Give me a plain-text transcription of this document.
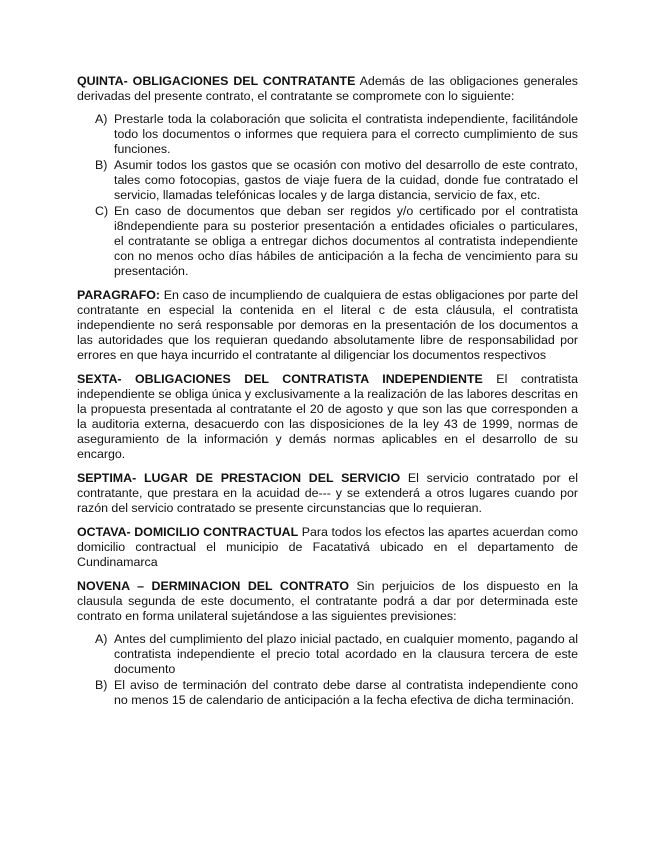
QUINTA- OBLIGACIONES DEL CONTRATANTE Además de las obligaciones generales derivadas del presente contrato, el contratante se compromete con lo siguiente:

A) Prestarle toda la colaboración que solicita el contratista independiente, facilitándole todo los documentos o informes que requiera para el correcto cumplimiento de sus funciones.
B) Asumir todos los gastos que se ocasión con motivo del desarrollo de este contrato, tales como fotocopias, gastos de viaje fuera de la cuidad, donde fue contratado el servicio, llamadas telefónicas locales y de larga distancia, servicio de fax, etc.
C) En caso de documentos que deban ser regidos y/o certificado por el contratista i8ndependiente para su posterior presentación a entidades oficiales o particulares, el contratante se obliga a entregar dichos documentos al contratista independiente con no menos ocho días hábiles de anticipación a la fecha de vencimiento para su presentación.

PARAGRAFO: En caso de incumpliendo de cualquiera de estas obligaciones por parte del contratante en especial la contenida en el literal c de esta cláusula, el contratista independiente no será responsable por demoras en la presentación de los documentos a las autoridades que los requieran quedando absolutamente libre de responsabilidad por errores en que haya incurrido el contratante al diligenciar los documentos respectivos

SEXTA- OBLIGACIONES DEL CONTRATISTA INDEPENDIENTE El contratista independiente se obliga única y exclusivamente a la realización de las labores descritas en la propuesta presentada al contratante el 20 de agosto y que son las que corresponden a la auditoria externa, desacuerdo con las disposiciones de la ley 43 de 1999, normas de aseguramiento de la información y demás normas aplicables en el desarrollo de su encargo.

SEPTIMA- LUGAR DE PRESTACION DEL SERVICIO El servicio contratado por el contratante, que prestara en la acuidad de--- y se extenderá a otros lugares cuando por razón del servicio contratado se presente circunstancias que lo requieran.

OCTAVA- DOMICILIO CONTRACTUAL Para todos los efectos las apartes acuerdan como domicilio contractual el municipio de Facatativá ubicado en el departamento de Cundinamarca

NOVENA – DERMINACION DEL CONTRATO Sin perjuicios de los dispuesto en la clausula segunda de este documento, el contratante podrá a dar por determinada este contrato en forma unilateral sujetándose a las siguientes previsiones:

A) Antes del cumplimiento del plazo inicial pactado, en cualquier momento, pagando al contratista independiente el precio total acordado en la clausura tercera de este documento
B) El aviso de terminación del contrato debe darse al contratista independiente cono no menos 15 de calendario de anticipación a la fecha efectiva de dicha terminación.
